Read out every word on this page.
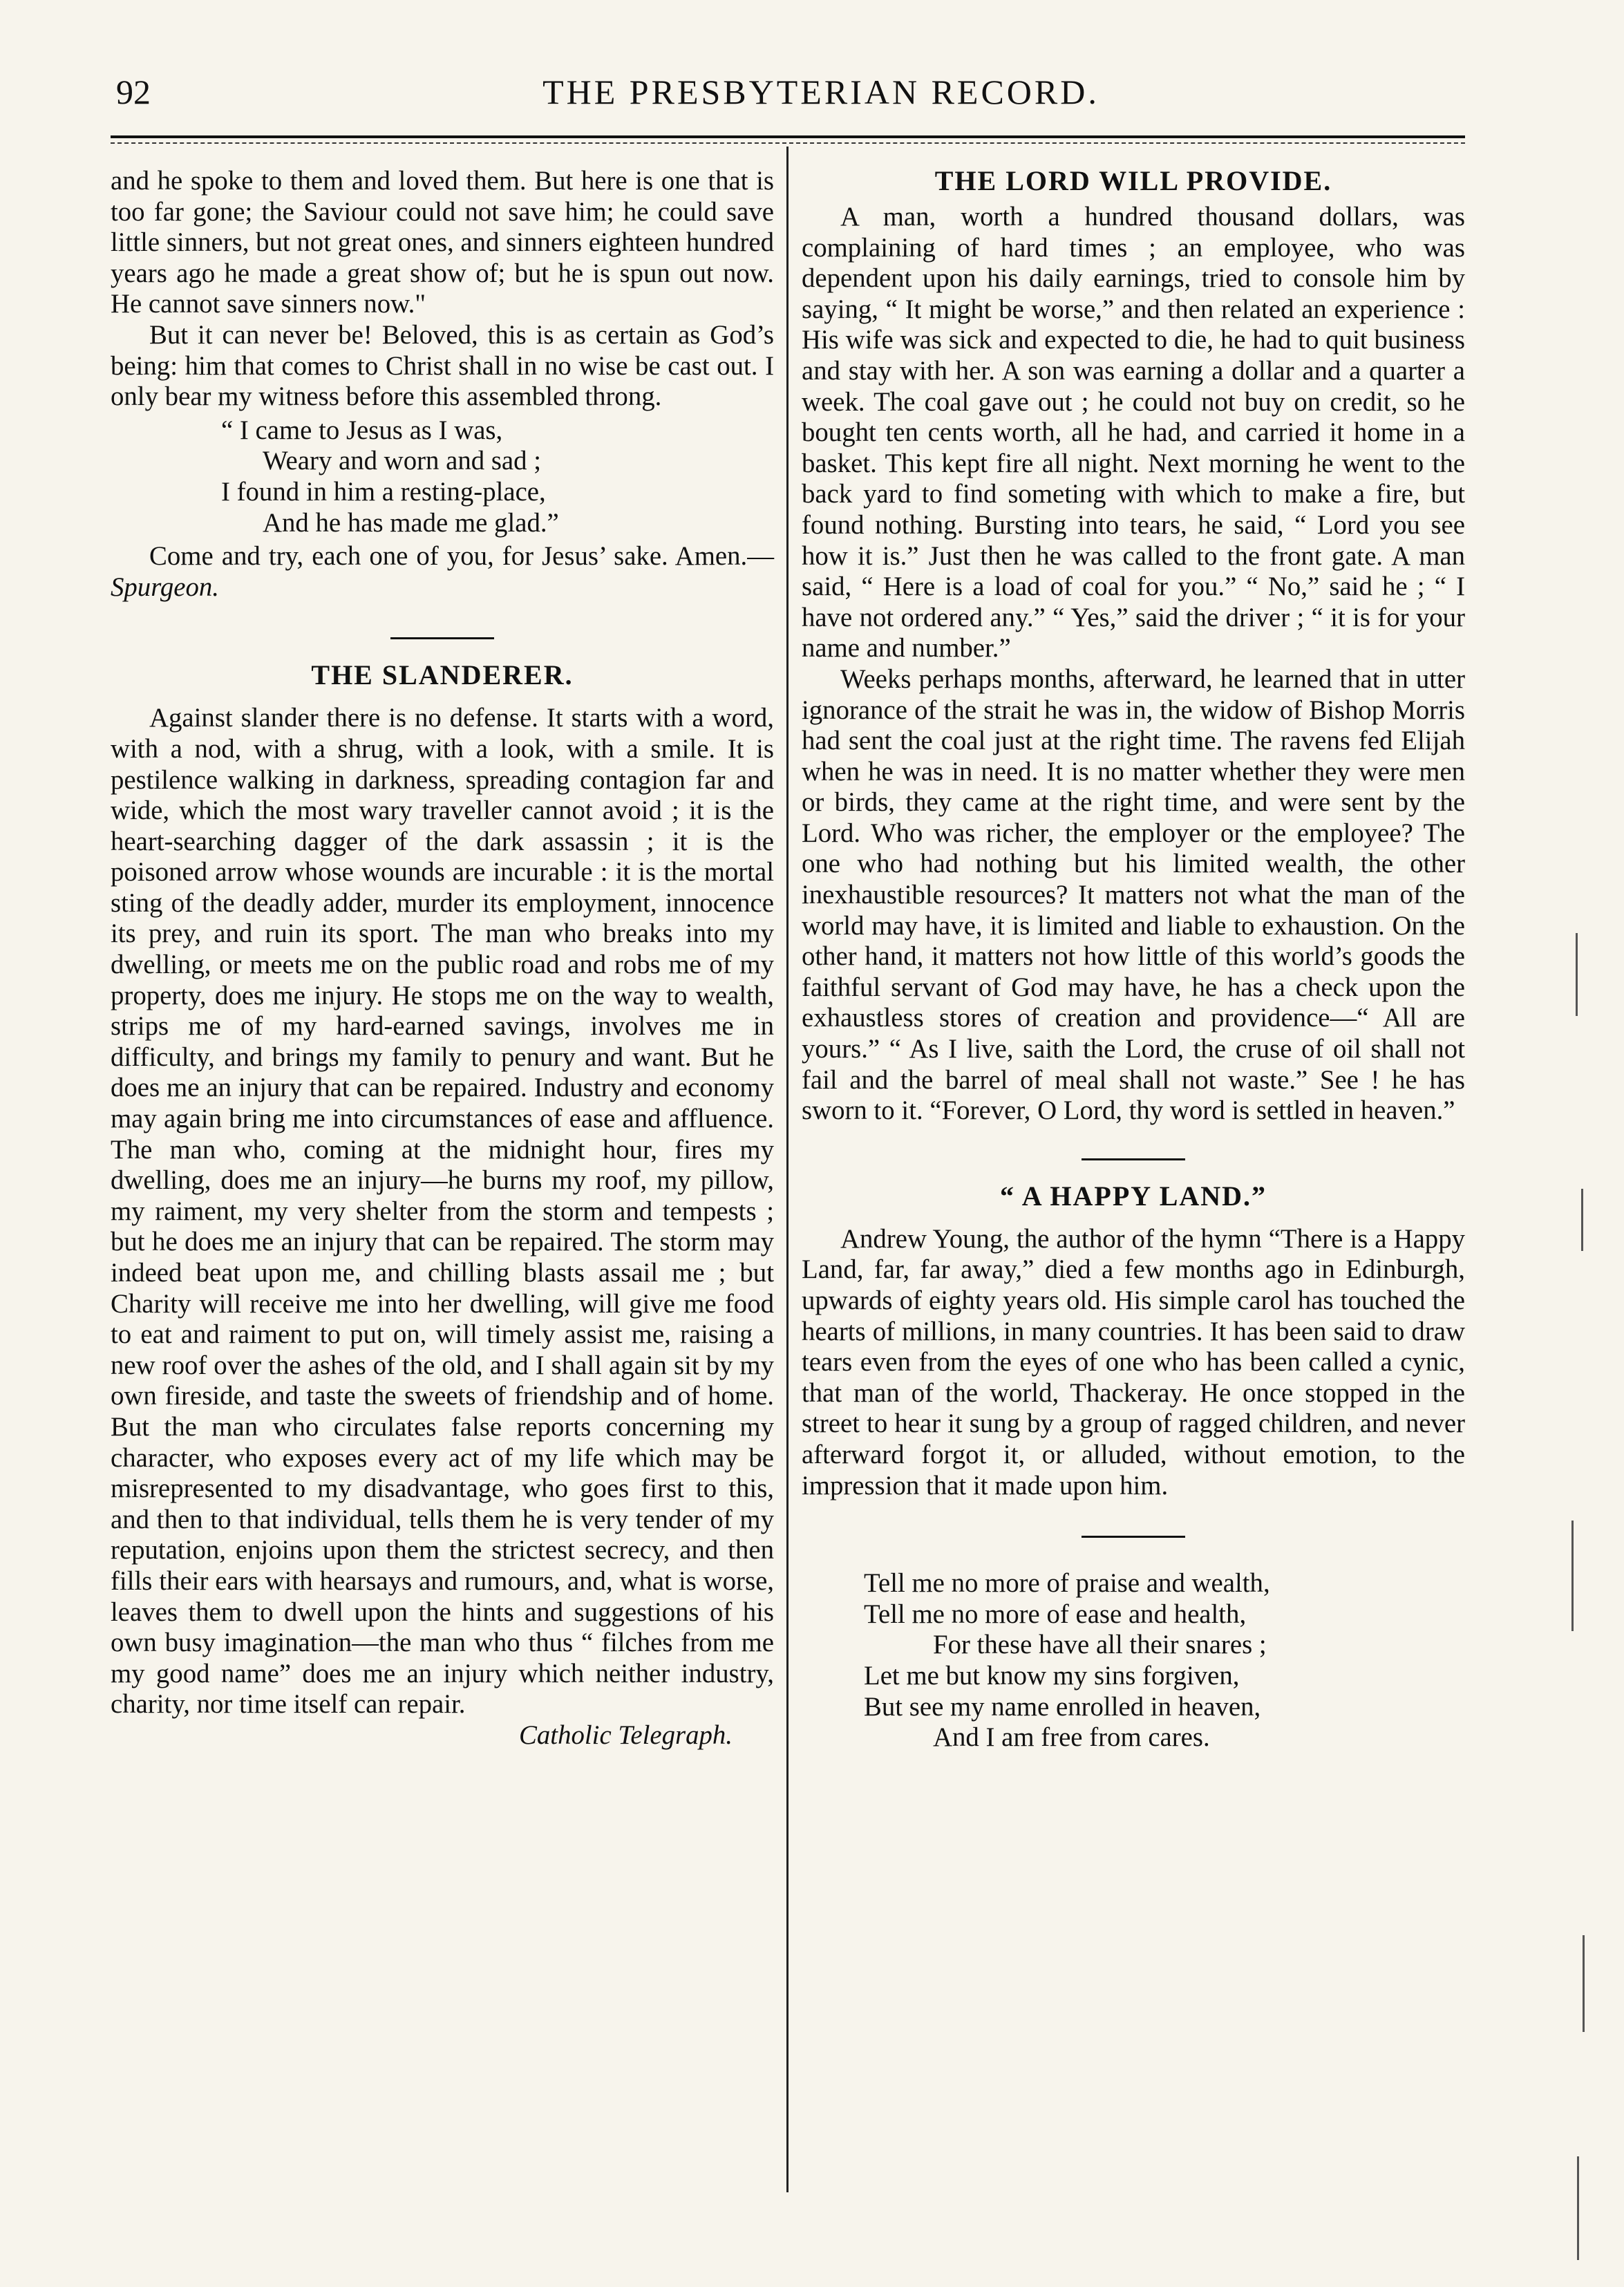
92	THE PRESBYTERIAN RECORD.

and he spoke to them and loved them. But here is one that is too far gone; the Saviour could not save him; he could save little sinners, but not great ones, and sinners eighteen hundred years ago he made a great show of; but he is spun out now. He cannot save sinners now."

But it can never be! Beloved, this is as certain as God’s being: him that comes to Christ shall in no wise be cast out. I only bear my witness before this assembled throng.

“ I came to Jesus as I was,
Weary and worn and sad ;
I found in him a resting-place,
And he has made me glad.”

Come and try, each one of you, for Jesus’ sake. Amen.—Spurgeon.

THE SLANDERER.

Against slander there is no defense. It starts with a word, with a nod, with a shrug, with a look, with a smile. It is pestilence walking in darkness, spreading contagion far and wide, which the most wary traveller cannot avoid ; it is the heart-searching dagger of the dark assassin ; it is the poisoned arrow whose wounds are incurable : it is the mortal sting of the deadly adder, murder its employment, innocence its prey, and ruin its sport. The man who breaks into my dwelling, or meets me on the public road and robs me of my property, does me injury. He stops me on the way to wealth, strips me of my hard-earned savings, involves me in difficulty, and brings my family to penury and want. But he does me an injury that can be repaired. Industry and economy may again bring me into circumstances of ease and affluence. The man who, coming at the midnight hour, fires my dwelling, does me an injury—he burns my roof, my pillow, my raiment, my very shelter from the storm and tempests ; but he does me an injury that can be repaired. The storm may indeed beat upon me, and chilling blasts assail me ; but Charity will receive me into her dwelling, will give me food to eat and raiment to put on, will timely assist me, raising a new roof over the ashes of the old, and I shall again sit by my own fireside, and taste the sweets of friendship and of home. But the man who circulates false reports concerning my character, who exposes every act of my life which may be misrepresented to my disadvantage, who goes first to this, and then to that individual, tells them he is very tender of my reputation, enjoins upon them the strictest secrecy, and then fills their ears with hearsays and rumours, and, what is worse, leaves them to dwell upon the hints and suggestions of his own busy imagination—the man who thus “ filches from me my good name” does me an injury which neither industry, charity, nor time itself can repair.

Catholic Telegraph.
THE LORD WILL PROVIDE.

A man, worth a hundred thousand dollars, was complaining of hard times ; an employee, who was dependent upon his daily earnings, tried to console him by saying, “ It might be worse,” and then related an experience : His wife was sick and expected to die, he had to quit business and stay with her. A son was earning a dollar and a quarter a week. The coal gave out ; he could not buy on credit, so he bought ten cents worth, all he had, and carried it home in a basket. This kept fire all night. Next morning he went to the back yard to find someting with which to make a fire, but found nothing. Bursting into tears, he said, “ Lord you see how it is.” Just then he was called to the front gate. A man said, “ Here is a load of coal for you.” “ No,” said he ; “ I have not ordered any.” “ Yes,” said the driver ; “ it is for your name and number.”

Weeks perhaps months, afterward, he learned that in utter ignorance of the strait he was in, the widow of Bishop Morris had sent the coal just at the right time. The ravens fed Elijah when he was in need. It is no matter whether they were men or birds, they came at the right time, and were sent by the Lord. Who was richer, the employer or the employee? The one who had nothing but his limited wealth, the other inexhaustible resources? It matters not what the man of the world may have, it is limited and liable to exhaustion. On the other hand, it matters not how little of this world’s goods the faithful servant of God may have, he has a check upon the exhaustless stores of creation and providence—“ All are yours.” “ As I live, saith the Lord, the cruse of oil shall not fail and the barrel of meal shall not waste.” See ! he has sworn to it. “Forever, O Lord, thy word is settled in heaven.”

“ A HAPPY LAND.”

Andrew Young, the author of the hymn “There is a Happy Land, far, far away,” died a few months ago in Edinburgh, upwards of eighty years old. His simple carol has touched the hearts of millions, in many countries. It has been said to draw tears even from the eyes of one who has been called a cynic, that man of the world, Thackeray. He once stopped in the street to hear it sung by a group of ragged children, and never afterward forgot it, or alluded, without emotion, to the impression that it made upon him.

Tell me no more of praise and wealth,
Tell me no more of ease and health,
For these have all their snares ;
Let me but know my sins forgiven,
But see my name enrolled in heaven,
And I am free from cares.
